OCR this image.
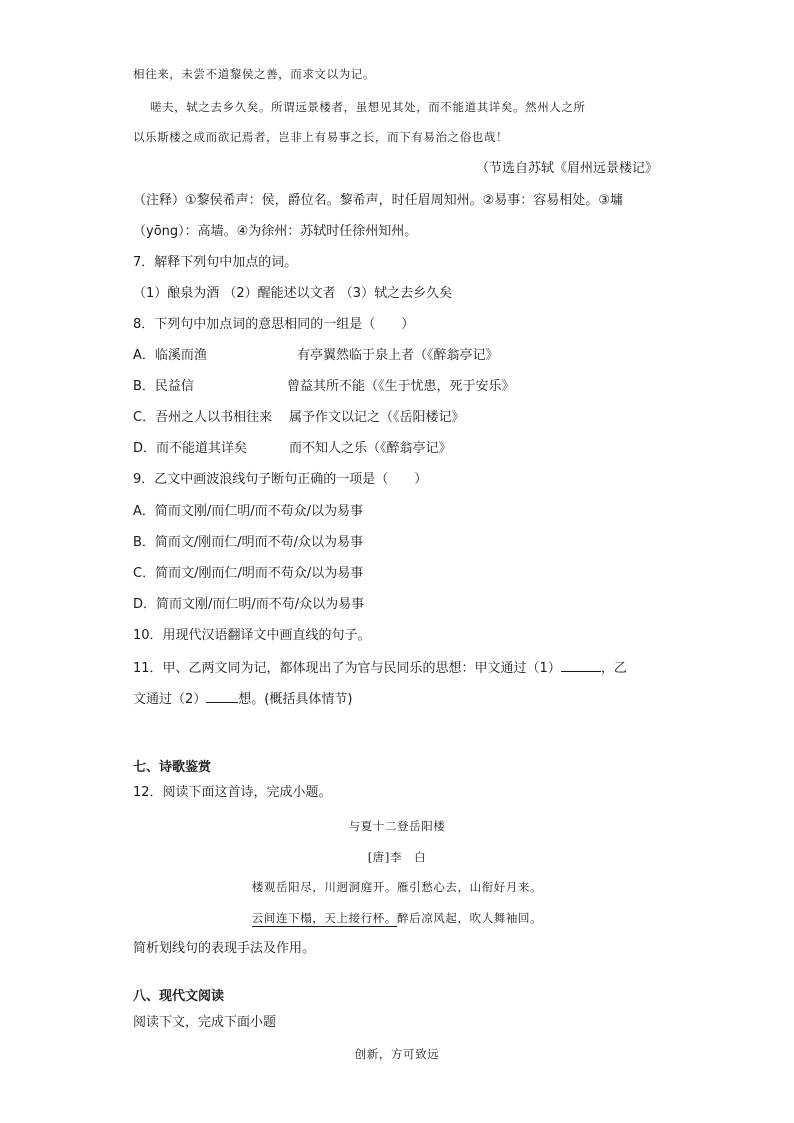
相往来，未尝不道黎侯之善，而求文以为记。
嗟夫，轼之去乡久矣。所谓远景楼者，虽想见其处，而不能道其详矣。然州人之所
以乐斯楼之成而欲记焉者，岂非上有易事之长，而下有易治之俗也哉！
（节选自苏轼《眉州远景楼记》
（注释）①黎侯希声：侯，爵位名。黎希声，时任眉周知州。②易事：容易相处。③墉
（yōng）：高墙。④为徐州：苏轼时任徐州知州。
7．解释下列句中加点的词。
（1）酿泉为酒 （2）醒能述以文者 （3）轼之去乡久矣
8．下列句中加点词的意思相同的一组是（　　）
A．临溪而渔	有亭翼然临于泉上者（《醉翁亭记》
B．民益信	曾益其所不能（《生于忧患，死于安乐》
C．吾州之人以书相往来 属予作文以记之（《岳阳楼记》
D．而不能道其详矣	而不知人之乐（《醉翁亭记》
9．乙文中画波浪线句子断句正确的一项是（　　）
A．简而文刚/而仁明/而不苟众/以为易事
B．简而文/刚而仁/明而不苟/众以为易事
C．简而文/刚而仁/明而不苟众/以为易事
D．简而文刚/而仁明/而不苟/众以为易事
10．用现代汉语翻译文中画直线的句子。
11．甲、乙两文同为记，都体现出了为官与民同乐的思想：甲文通过（1）	，乙
文通过（2） 想。(概括具体情节)
七、诗歌鉴赏
12．阅读下面这首诗，完成小题。
与夏十二登岳阳楼
[唐]李　白
楼观岳阳尽，川迥洞庭开。雁引愁心去，山衔好月来。
云间连下榻，天上接行杯。醉后凉风起，吹人舞袖回。
简析划线句的表现手法及作用。
八、现代文阅读
阅读下文，完成下面小题
创新，方可致远
